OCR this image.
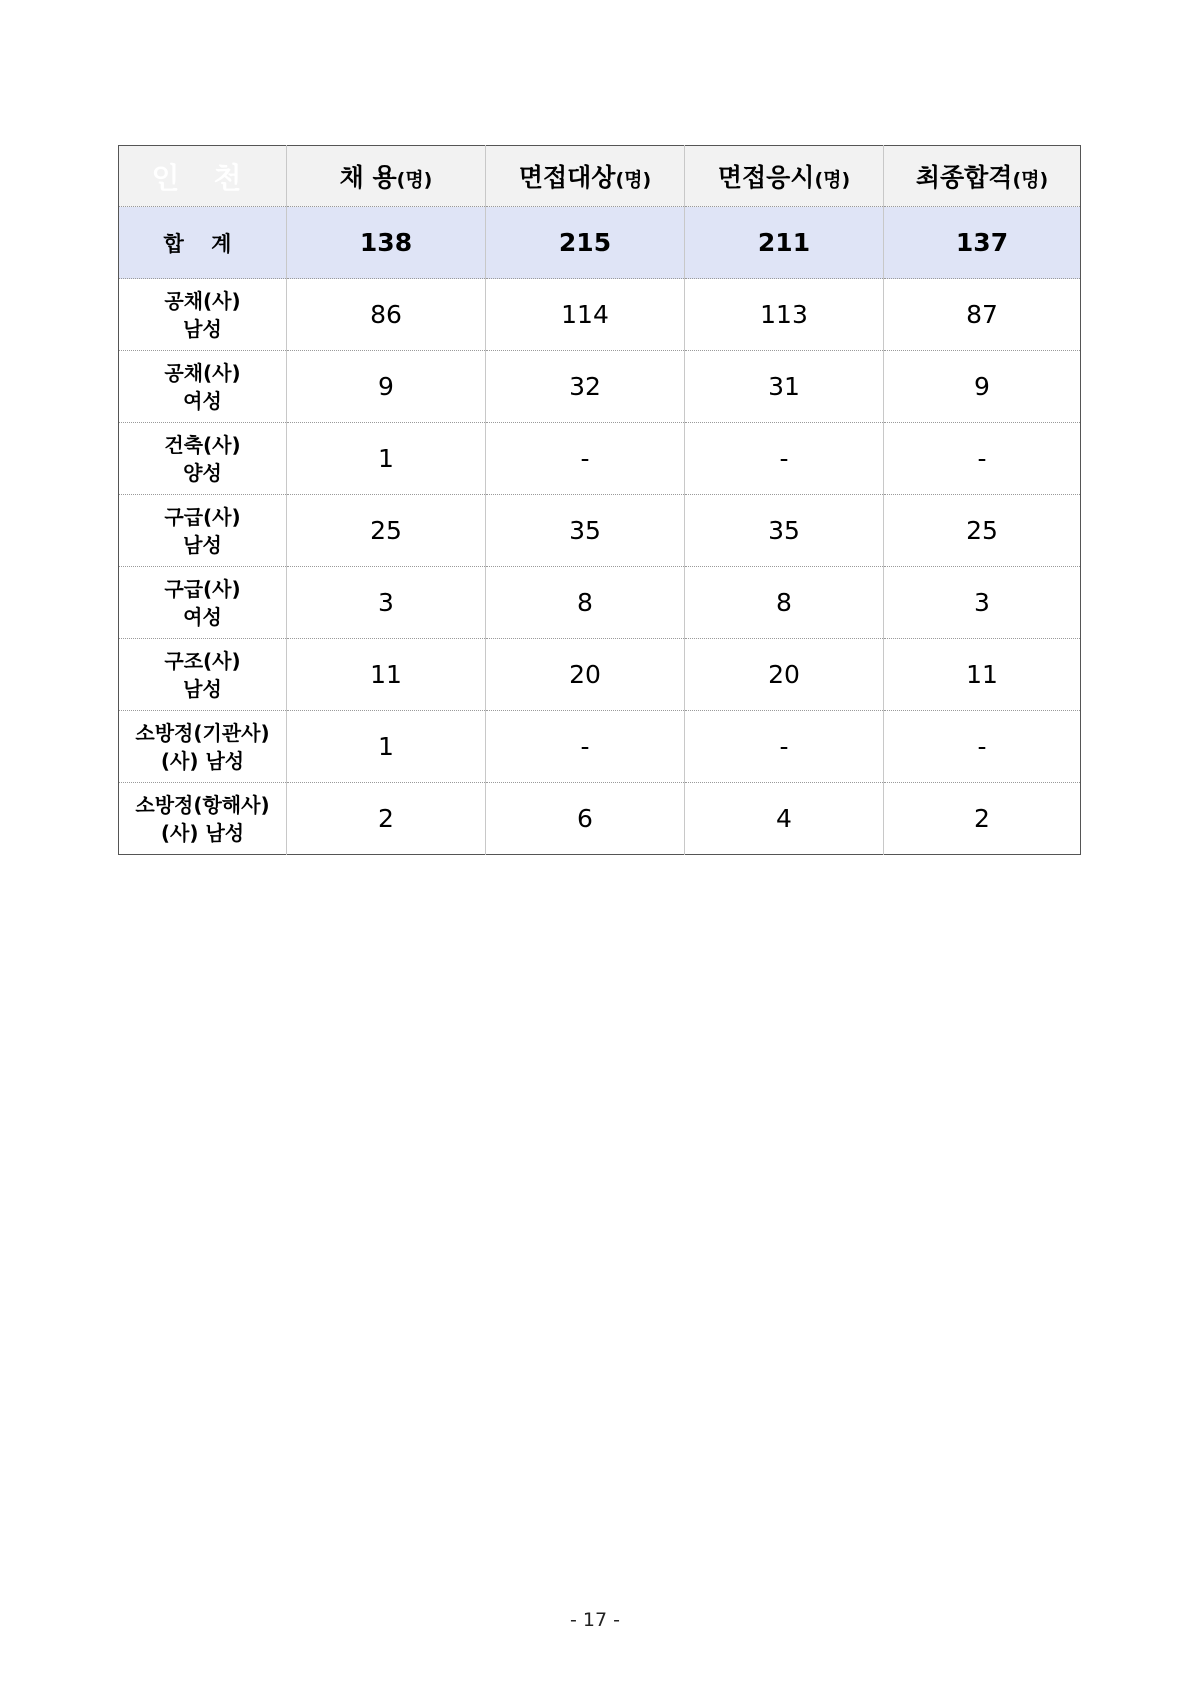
인 천	채 용(명)	면접대상(명)	면접응시(명)	최종합격(명)
합 계	138	215	211	137

공채(사)
남성	86	114	113	87

공채(사)
여성	9	32	31	9

건축(사)
양성	1	-	-	-

구급(사)
남성	25	35	35	25

구급(사)
여성	3	8	8	3

구조(사)
남성	11	20	20	11

소방정(기관사)
(사) 남성	1	-	-	-

소방정(항해사)
(사) 남성	2	6	4	2
- 17 -
